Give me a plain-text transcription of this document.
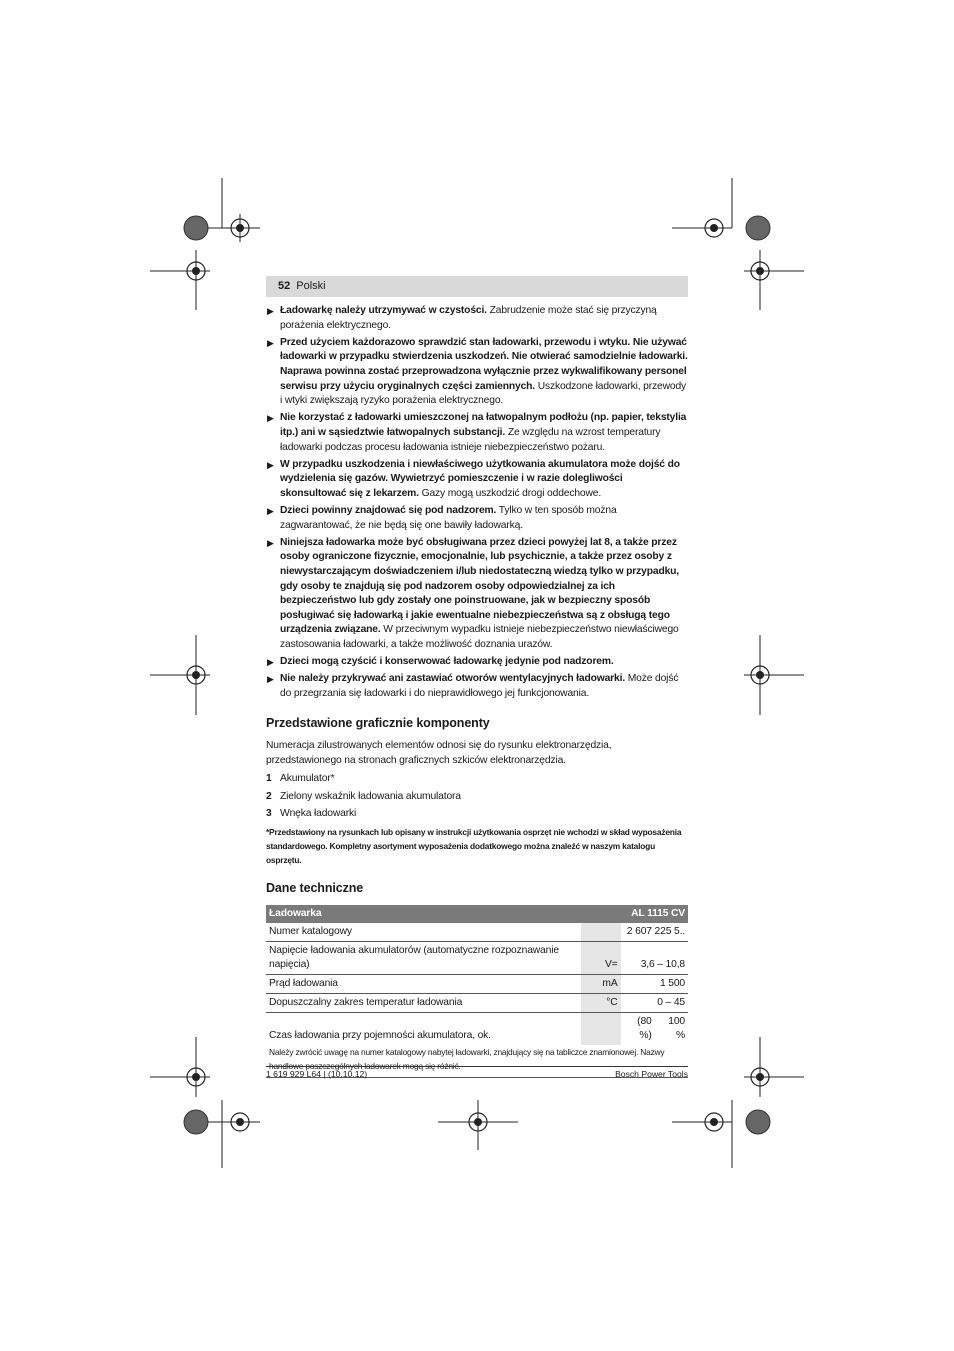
52 Polski
▶ Ładowarkę należy utrzymywać w czystości. Zabrudzenie może stać się przyczyną porażenia elektrycznego.
▶ Przed użyciem każdorazowo sprawdzić stan ładowarki, przewodu i wtyku. Nie używać ładowarki w przypadku stwierdzenia uszkodzeń. Nie otwierać samodzielnie ładowarki. Naprawa powinna zostać przeprowadzona wyłącznie przez wykwalifikowany personel serwisu przy użyciu oryginalnych części zamiennych. Uszkodzone ładowarki, przewody i wtyki zwiększają ryzyko porażenia elektrycznego.
▶ Nie korzystać z ładowarki umieszczonej na łatwopalnym podłożu (np. papier, tekstylia itp.) ani w sąsiedztwie łatwopalnych substancji. Ze względu na wzrost temperatury ładowarki podczas procesu ładowania istnieje niebezpieczeństwo pożaru.
▶ W przypadku uszkodzenia i niewłaściwego użytkowania akumulatora może dojść do wydzielenia się gazów. Wywietrzyć pomieszczenie i w razie dolegliwości skonsultować się z lekarzem. Gazy mogą uszkodzić drogi oddechowe.
▶ Dzieci powinny znajdować się pod nadzorem. Tylko w ten sposób można zagwarantować, że nie będą się one bawiły ładowarką.
▶ Niniejsza ładowarka może być obsługiwana przez dzieci powyżej lat 8, a także przez osoby ograniczone fizycznie, emocjonalnie, lub psychicznie, a także przez osoby z niewystarczającym doświadczeniem i/lub niedostateczną wiedzą tylko w przypadku, gdy osoby te znajdują się pod nadzorem osoby odpowiedzialnej za ich bezpieczeństwo lub gdy zostały one poinstruowane, jak w bezpieczny sposób posługiwać się ładowarką i jakie ewentualne niebezpieczeństwa są z obsługą tego urządzenia związane. W przeciwnym wypadku istnieje niebezpieczeństwo niewłaściwego zastosowania ładowarki, a także możliwość doznania urazów.
▶ Dzieci mogą czyścić i konserwować ładowarkę jedynie pod nadzorem.
▶ Nie należy przykrywać ani zastawiać otworów wentylacyjnych ładowarki. Może dojść do przegrzania się ładowarki i do nieprawidłowego jej funkcjonowania.
Przedstawione graficznie komponenty

Numeracja zilustrowanych elementów odnosi się do rysunku elektronarzędzia, przedstawionego na stronach graficznych szkiców elektronarzędzia.

1 Akumulator*
2 Zielony wskaźnik ładowania akumulatora
3 Wnęka ładowarki

*Przedstawiony na rysunkach lub opisany w instrukcji użytkowania osprzęt nie wchodzi w skład wyposażenia standardowego. Kompletny asortyment wyposażenia dodatkowego można znaleźć w naszym katalogu osprzętu.

Dane techniczne
Ładowarka		AL 1115 CV	
Numer katalogowy		2 607 225 5..	
Napięcie ładowania akumulatorów (automatyczne rozpoznawanie napięcia)	V=	3,6 – 10,8	
Prąd ładowania	mA	1 500	
Dopuszczalny zakres temperatur ładowania	°C	0 – 45	
Czas ładowania przy pojemności akumulatora, ok.		(80 %)	100 %
Należy zwrócić uwagę na numer katalogowy nabytej ładowarki, znajdujący się na tabliczce znamionowej. Nazwy handlowe poszczególnych ładowarek mogą się różnić.
1 619 929 L64 | (10.10.12)	Bosch Power Tools
